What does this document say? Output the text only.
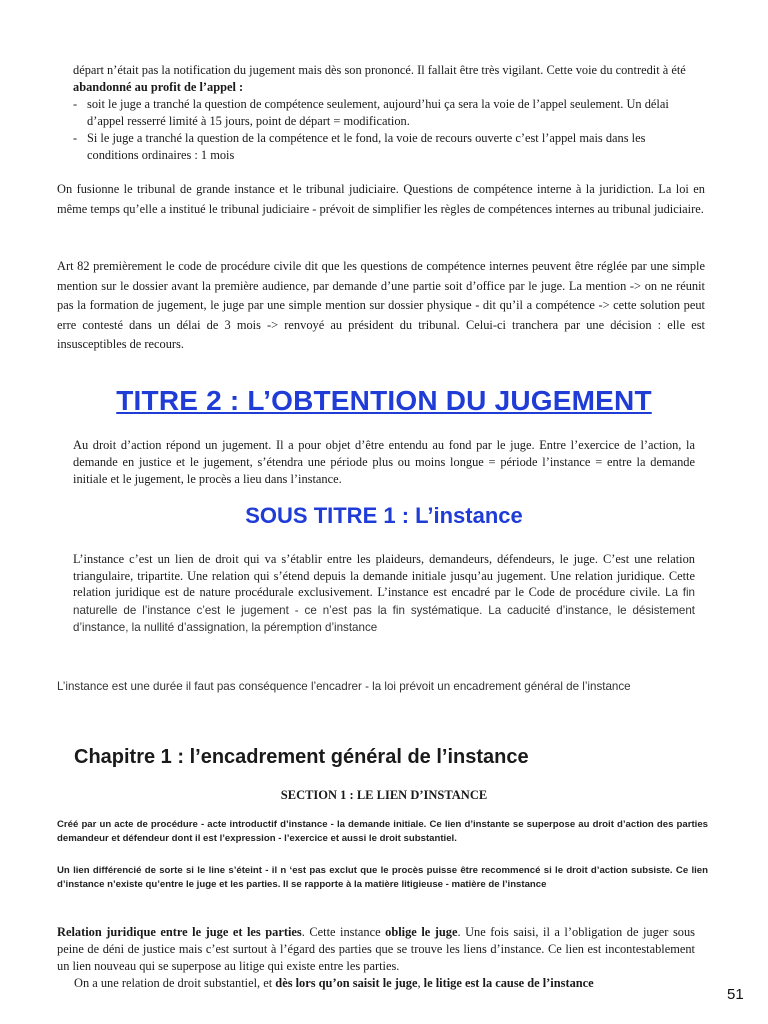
départ n’était pas la notification du jugement mais dès son prononcé. Il fallait être très vigilant. Cette voie du contredit à été abandonné au profit de l’appel :

- soit le juge a tranché la question de compétence seulement, aujourd’hui ça sera la voie de l’appel seulement. Un délai d’appel resserré limité à 15 jours, point de départ = modification.
- Si le juge a tranché la question de la compétence et le fond, la voie de recours ouverte c’est l’appel mais dans les conditions ordinaires : 1 mois

On fusionne le tribunal de grande instance et le tribunal judiciaire. Questions de compétence interne à la juridiction. La loi en même temps qu’elle a institué le tribunal judiciaire - prévoit de simplifier les règles de compétences internes au tribunal judiciaire.

Art 82 premièrement le code de procédure civile dit que les questions de compétence internes peuvent être réglée par une simple mention sur le dossier avant la première audience, par demande d’une partie soit d’office par le juge. La mention -> on ne réunit pas la formation de jugement, le juge par une simple mention sur dossier physique - dit qu’il a compétence -> cette solution peut erre contesté dans un délai de 3 mois -> renvoyé au président du tribunal. Celui-ci tranchera par une décision : elle est insusceptibles de recours.

TITRE 2 : L’OBTENTION DU JUGEMENT

Au droit d’action répond un jugement. Il a pour objet d’être entendu au fond par le juge. Entre l’exercice de l’action, la demande en justice et le jugement, s’étendra une période plus ou moins longue = période l’instance = entre la demande initiale et le jugement, le procès a lieu dans l’instance.

SOUS TITRE 1 : L’instance

L’instance c’est un lien de droit qui va s’établir entre les plaideurs, demandeurs, défendeurs, le juge. C’est une relation triangulaire, tripartite. Une relation qui s’étend depuis la demande initiale jusqu’au jugement. Une relation juridique. Cette relation juridique est de nature procédurale exclusivement. L’instance est encadré par le Code de procédure civile. La fin naturelle de l’instance c’est le jugement - ce n’est pas la fin systématique. La caducité d’instance, le désistement d’instance, la nullité d’assignation, la péremption d’instance

L’instance est une durée il faut pas conséquence l’encadrer - la loi prévoit un encadrement général de l’instance

Chapitre 1 : l’encadrement général de l’instance
SECTION 1 : LE LIEN D’INSTANCE

Créé par un acte de procédure - acte introductif d’instance - la demande initiale. Ce lien d’instante se superpose au droit d’action des parties demandeur et défendeur dont il est l’expression - l’exercice et aussi le droit substantiel.

Un lien différencié de sorte si le line s’éteint - il n ‘est pas exclut que le procès puisse être recommencé si le droit d’action subsiste. Ce lien d’instance n’existe qu’entre le juge et les parties. Il se rapporte à la matière litigieuse - matière de l’instance

Relation juridique entre le juge et les parties. Cette instance oblige le juge. Une fois saisi, il a l’obligation de juger sous peine de déni de justice mais c’est surtout à l’égard des parties que se trouve les liens d’instance. Ce lien est incontestablement un lien nouveau qui se superpose au litige qui existe entre les parties.

On a une relation de droit substantiel, et dès lors qu’on saisit le juge, le litige est la cause de l’instance

51
